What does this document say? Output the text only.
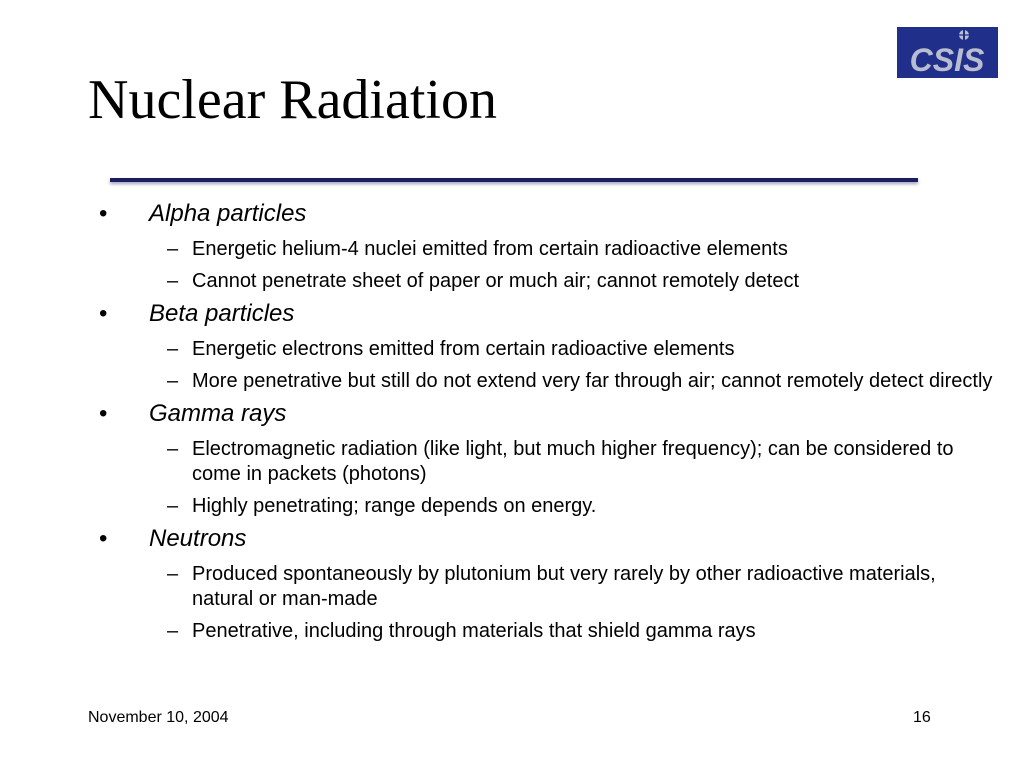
Nuclear Radiation
CSIS
• Alpha particles
– Energetic helium-4 nuclei emitted from certain radioactive elements
– Cannot penetrate sheet of paper or much air; cannot remotely detect
• Beta particles
– Energetic electrons emitted from certain radioactive elements
– More penetrative but still do not extend very far through air; cannot remotely detect directly
• Gamma rays
– Electromagnetic radiation (like light, but much higher frequency); can be considered to come in packets (photons)
– Highly penetrating; range depends on energy.
• Neutrons
– Produced spontaneously by plutonium but very rarely by other radioactive materials, natural or man-made
– Penetrative, including through materials that shield gamma rays
November 10, 2004	16
